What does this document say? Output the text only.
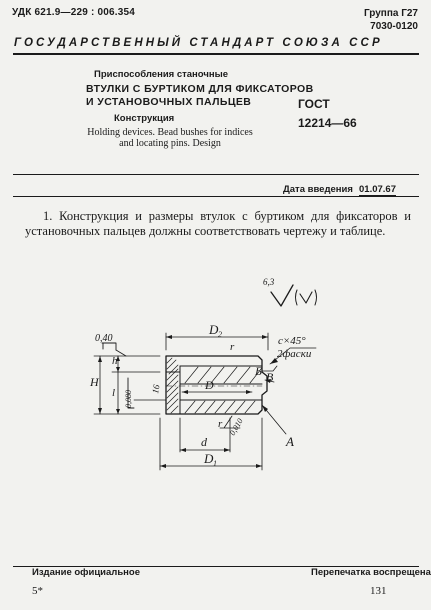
УДК 621.9—229 : 006.354	Группа Г27
7030-0120
ГОСУДАРСТВЕННЫЙ СТАНДАРТ СОЮЗА ССР
Приспособления станочные
ВТУЛКИ С БУРТИКОМ ДЛЯ ФИКСАТОРОВ
И УСТАНОВОЧНЫХ ПАЛЬЦЕВ
Конструкция
Holding devices. Bead bushes for indices and locating pins. Design
ГОСТ
12214—66
Дата введения 01.07.67
1. Конструкция и размеры втулок с буртиком для фиксаторов и установочных пальцев должны соответствовать чертежу и таблице.
6,3
D 2
r	c×45°
2фаски
0,40
h
H
l	16
0,080
Б В
D
A
0,010
r
d
D 1
(√)
Издание официальное	Перепечатка воспрещена
5*	131
